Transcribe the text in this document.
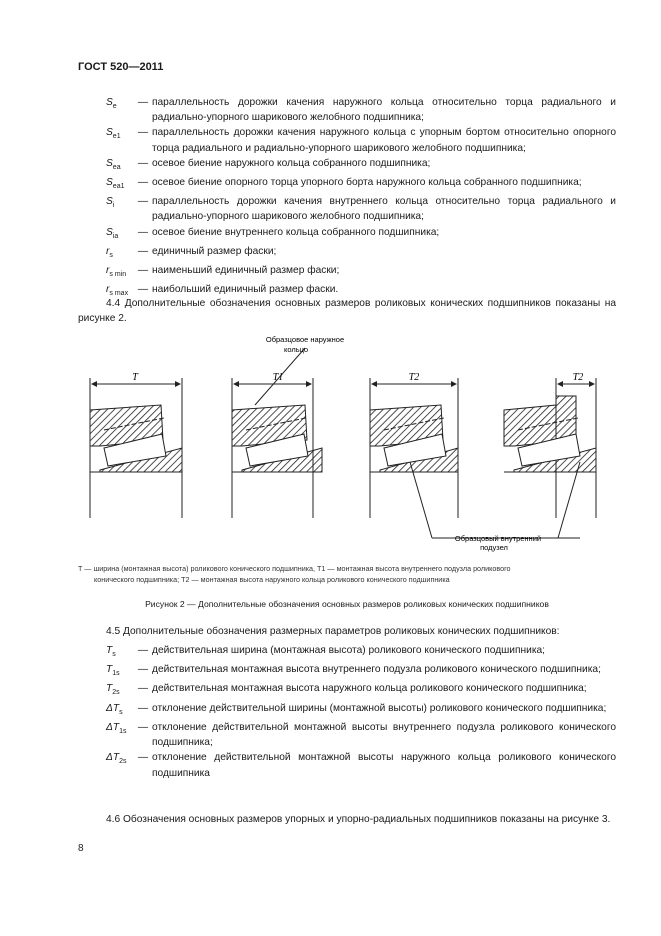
ГОСТ 520—2011
$S_e$	— параллельность дорожки качения наружного кольца относительно торца радиального и радиально-упорного шарикового желобного подшипника;
$S_{e1}$	— параллельность дорожки качения наружного кольца с упорным бортом относительно опорного торца радиального и радиально-упорного шарикового желобного подшипника;
$S_{ea}$	— осевое биение наружного кольца собранного подшипника;
$S_{ea1}$	— осевое биение опорного торца упорного борта наружного кольца собранного подшипника;
$S_i$	— параллельность дорожки качения внутреннего кольца относительно торца радиального и радиально-упорного шарикового желобного подшипника;
$S_{ia}$	— осевое биение внутреннего кольца собранного подшипника;
$r_s$	— единичный размер фаски;
$r_{s min}$	— наименьший единичный размер фаски;
$r_{s max}$ — наибольший единичный размер фаски.
4.4 Дополнительные обозначения основных размеров роликовых конических подшипников показаны на рисунке 2.
T	T1
Образцовое наружное
кольцо
T2	T2
Образцовый внутренний
подузел
T — ширина (монтажная высота) роликового конического подшипника, T1 — монтажная высота внутреннего подузла роликового
конического подшипника; T2 — монтажная высота наружного кольца роликового конического подшипника
Рисунок 2 — Дополнительные обозначения основных размеров роликовых конических подшипников
4.5 Дополнительные обозначения размерных параметров роликовых конических подшипников:
$T_s$	— действительная ширина (монтажная высота) роликового конического подшипника;
$T_{1s}$	— действительная монтажная высота внутреннего подузла роликового конического подшипника;
$T_{2s}$	— действительная монтажная высота наружного кольца роликового конического подшипника;
$\Delta T_s$	— отклонение действительной ширины (монтажной высоты) роликового конического подшипника;
$\Delta T_{1s}$	— отклонение действительной монтажной высоты внутреннего подузла роликового конического подшипника;
$\Delta T_{2s}$	— отклонение действительной монтажной высоты наружного кольца роликового конического подшипника
4.6 Обозначения основных размеров упорных и упорно-радиальных подшипников показаны на рисунке 3.
8
